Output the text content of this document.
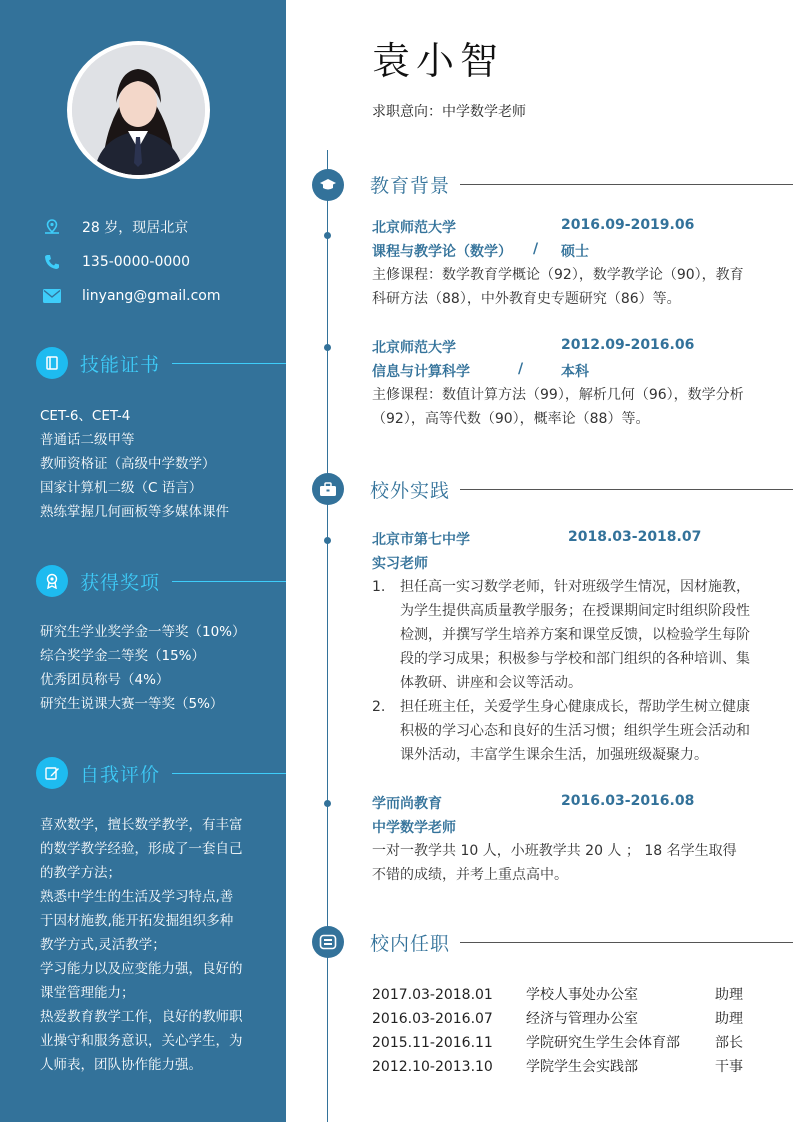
28 岁，现居北京
135-0000-0000
linyang@gmail.com
技能证书
CET-6、CET-4
普通话二级甲等
教师资格证（高级中学数学）
国家计算机二级（C 语言）
熟练掌握几何画板等多媒体课件
获得奖项
研究生学业奖学金一等奖（10%）
综合奖学金二等奖（15%）
优秀团员称号（4%）
研究生说课大赛一等奖（5%）
自我评价
喜欢数学，擅长数学教学，有丰富
的数学教学经验，形成了一套自己
的教学方法；
熟悉中学生的生活及学习特点,善
于因材施教,能开拓发掘组织多种
教学方式,灵活教学；
学习能力以及应变能力强，良好的
课堂管理能力；
热爱教育教学工作，良好的教师职
业操守和服务意识，关心学生，为
人师表，团队协作能力强。
袁小智
求职意向：中学数学老师
教育背景
北京师范大学	2016.09-2019.06
课程与教学论（数学） / 硕士
主修课程：数学教育学概论（92），数学教学论（90），教育科研方法（88），中外教育史专题研究（86）等。
北京师范大学	2012.09-2016.06
信息与计算科学	/	本科
主修课程：数值计算方法（99），解析几何（96），数学分析（92），高等代数（90），概率论（88）等。
校外实践
北京市第七中学	2018.03-2018.07
实习老师
1.	担任高一实习数学老师，针对班级学生情况，因材施教，为学生提供高质量教学服务；在授课期间定时组织阶段性检测，并撰写学生培养方案和课堂反馈，以检验学生每阶段的学习成果；积极参与学校和部门组织的各种培训、集体教研、讲座和会议等活动。
2.	担任班主任，关爱学生身心健康成长，帮助学生树立健康积极的学习心态和良好的生活习惯；组织学生班会活动和课外活动，丰富学生课余生活，加强班级凝聚力。
学而尚教育	2016.03-2016.08
中学数学老师
一对一教学共 10 人，小班教学共 20 人 ； 18 名学生取得不错的成绩，并考上重点高中。
校内任职
2017.03-2018.01 学校人事处办公室	助理
2016.03-2016.07 经济与管理办公室	助理
2015.11-2016.11 学院研究生学生会体育部	部长
2012.10-2013.10 学院学生会实践部	干事
